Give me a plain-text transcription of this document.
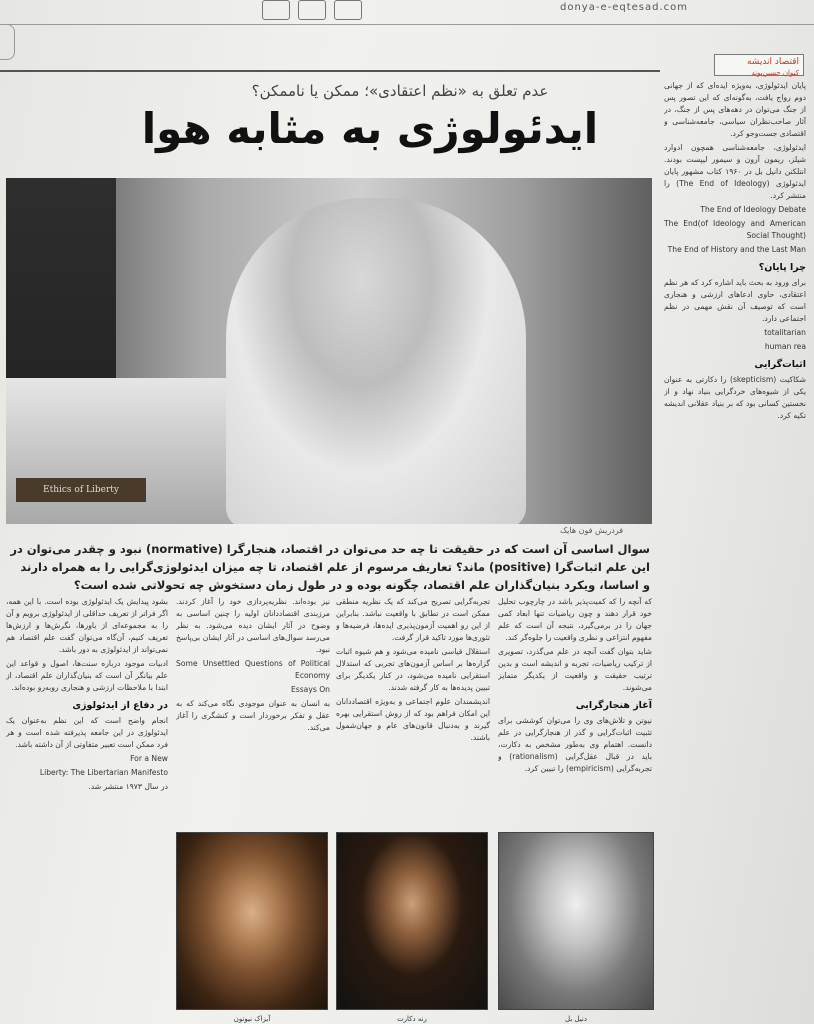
donya-e-eqtesad.com
عدم تعلق به «نظم اعتقادی»؛ ممکن یا ناممکن؟
ایدئولوژی به مثابه هوا
Ethics of Liberty
فردریش فون هایک
سوال اساسی آن است که در حقیقت تا چه حد می‌توان در اقتصاد، هنجارگرا (normative) نبود و چقدر می‌توان در این علم اثبات‌گرا (positive) ماند؟ تعاریف مرسوم از علم اقتصاد، تا چه میزان ایدئولوژی‌گرایی را به همراه دارند و اساسا، ویکرد بنیان‌گذاران علم اقتصاد، چگونه بوده و در طول زمان دستخوش چه تحولاتی شده است؟
اقتصاد اندیشه
کیوان حسین‌پوند

پایان ایدئولوژی، به‌ویژه ایده‌ای که از جهانی دوم رواج یافت، به‌گونه‌ای که این تصور پس از جنگ می‌توان در دهه‌های پس از جنگ، در آثار صاحب‌نظران سیاسی، جامعه‌شناسی و اقتصادی جست‌وجو کرد.

ایدئولوژی، جامعه‌شناسی همچون ادوارد شیلز، ریمون آرون و سیمور لیپست بودند. انتلکتن دانیل بل در ۱۹۶۰ کتاب مشهور پایان ایدئولوژی (The End of Ideology) را منتشر کرد.

The End of Ideology Debate

The End(of Ideology and American Social Thought)

The End of History and the Last Man

چرا پایان؟

برای ورود به بحث باید اشاره کرد که هر نظم اعتقادی، حاوی ادعاهای ارزشی و هنجاری است که توصیف آن نقش مهمی در نظم اجتماعی دارد.

totalitarian

human rea

اثبات‌گرایی

شکاکیت (skepticism) را دکارتی به عنوان یکی از شیوه‌های خردگرایی بنیاد نهاد و از نخستین کسانی بود که بر بنیاد عقلانی اندیشه تکیه کرد.

که آنچه را که کمیت‌پذیر باشد در چارچوب تحلیل خود قرار دهند و چون ریاضیات تنها ابعاد کمی جهان را در برمی‌گیرد، نتیجه آن است که علم مفهوم انتزاعی و نظری واقعیت را جلوه‌گر کند.

شاید بتوان گفت آنچه در علم می‌گذرد، تصویری از ترکیب ریاضیات، تجربه و اندیشه است و بدین ترتیب حقیقت و واقعیت از یکدیگر متمایز می‌شوند.

آغاز هنجارگرایی

نیوتن و تلاش‌های وی را می‌توان کوششی برای تثبیت اثبات‌گرایی و گذر از هنجارگرایی در علم دانست. اهتمام وی به‌طور مشخص به دکارت، باید در قبال عقل‌گرایی (rationalism) و تجربه‌گرایی (empiricism) را تبیین کرد.

تجربه‌گرایی تصریح می‌کند که یک نظریه منطقی ممکن است در تطابق با واقعیت نباشد. بنابراین از این رو اهمیت آزمون‌پذیری ایده‌ها، فرضیه‌ها و تئوری‌ها مورد تاکید قرار گرفت.

استقلال قیاسی نامیده می‌شود و هم شیوه اثبات گزاره‌ها بر اساس آزمون‌های تجربی که استدلال استقرایی نامیده می‌شود، در کنار یکدیگر برای تبیین پدیده‌ها به کار گرفته شدند.

اندیشمندان علوم اجتماعی و به‌ویژه اقتصاددانان این امکان فراهم بود که از روش استقرایی بهره گیرند و به‌دنبال قانون‌های عام و جهان‌شمول باشند.

نیز بوده‌اند. نظریه‌پردازی خود را آغاز کردند. مرزبندی اقتصاددانان اولیه را چنین اساسی به وضوح در آثار ایشان دیده می‌شود. به نظر می‌رسد سوال‌های اساسی در آثار ایشان بی‌پاسخ نبود.

Some Unsettled Questions of Political Economy

Essays On

به انسان به عنوان موجودی نگاه می‌کند که به عقل و تفکر برخوردار است و کنشگری را آغاز می‌کند.

بشود پیدایش یک ایدئولوژی بوده است. با این همه، اگر فراتر از تعریف حداقلی از ایدئولوژی برویم و آن را به مجموعه‌ای از باورها، نگرش‌ها و ارزش‌ها تعریف کنیم، آن‌گاه می‌توان گفت علم اقتصاد هم نمی‌تواند از ایدئولوژی به دور باشد.

ادبیات موجود درباره سنت‌ها، اصول و قواعد این علم بیانگر آن است که بنیان‌گذاران علم اقتصاد، از ابتدا با ملاحظات ارزشی و هنجاری روبه‌رو بوده‌اند.

در دفاع از ایدئولوژی

انجام واضح است که این نظم به‌عنوان یک ایدئولوژی در این جامعه پذیرفته شده است و هر فرد ممکن است تعبیر متفاوتی از آن داشته باشد.

For a New

Liberty: The Libertarian Manifesto

در سال ۱۹۷۳ منتشر شد.

آیزاک نیوتون	رنه دکارت	دنیل بل
